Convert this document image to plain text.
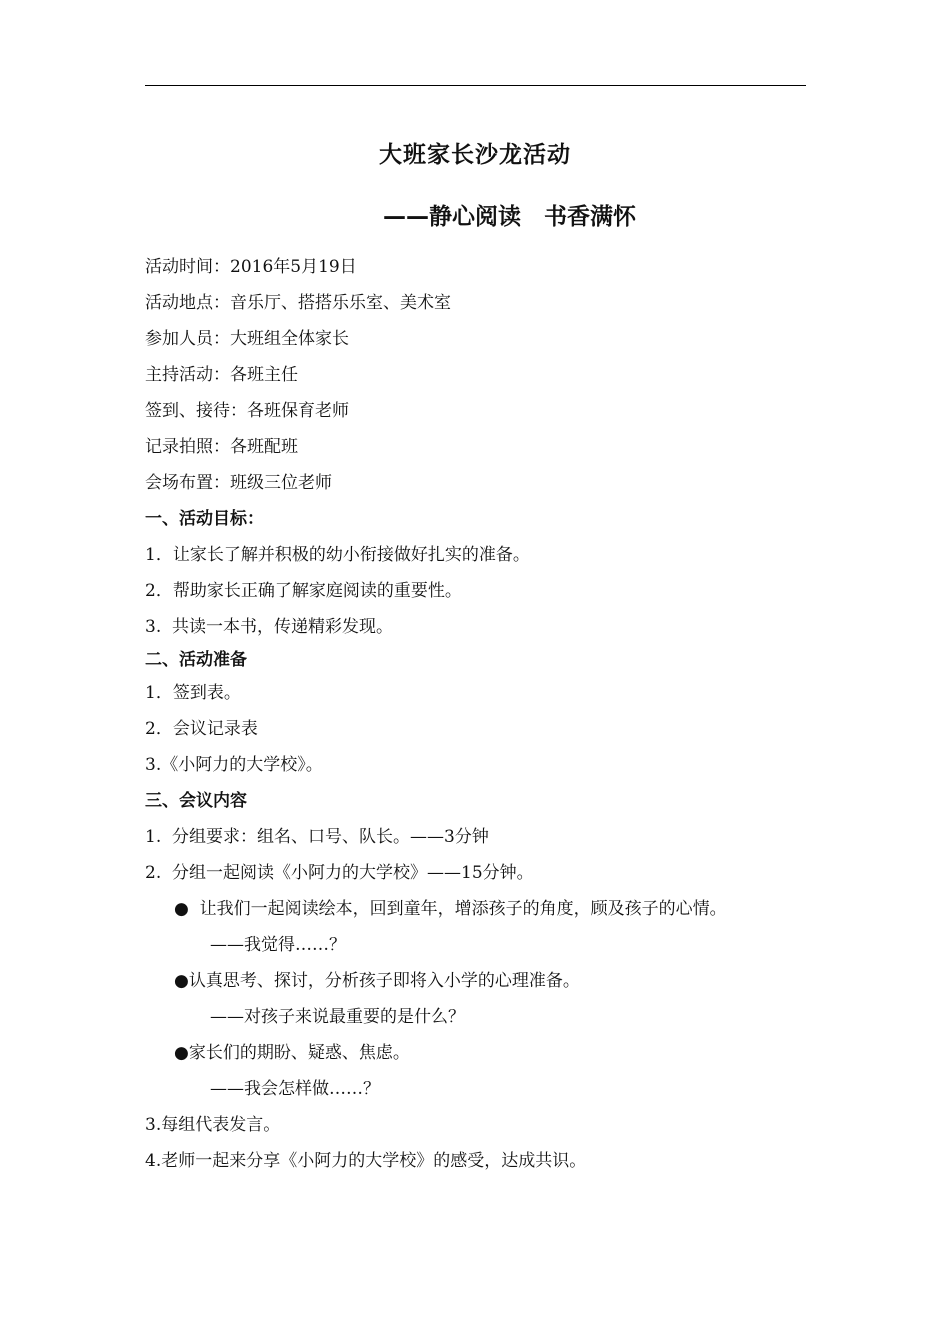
大班家长沙龙活动
——静心阅读　书香满怀
活动时间：2016年5月19日
活动地点：音乐厅、搭搭乐乐室、美术室
参加人员：大班组全体家长
主持活动：各班主任
签到、接待：各班保育老师
记录拍照：各班配班
会场布置：班级三位老师
一、活动目标：
1．让家长了解并积极的幼小衔接做好扎实的准备。
2．帮助家长正确了解家庭阅读的重要性。
3.  共读一本书，传递精彩发现。
二、活动准备
1．签到表。
2．会议记录表
3.《小阿力的大学校》。
三、会议内容
1.  分组要求：组名、口号、队长。——3分钟
2.  分组一起阅读《小阿力的大学校》——15分钟。
●  让我们一起阅读绘本，回到童年，增添孩子的角度，顾及孩子的心情。
——我觉得……？
●认真思考、探讨，分析孩子即将入小学的心理准备。
——对孩子来说最重要的是什么？
●家长们的期盼、疑惑、焦虑。
——我会怎样做……？
3.每组代表发言。
4.老师一起来分享《小阿力的大学校》的感受，达成共识。
